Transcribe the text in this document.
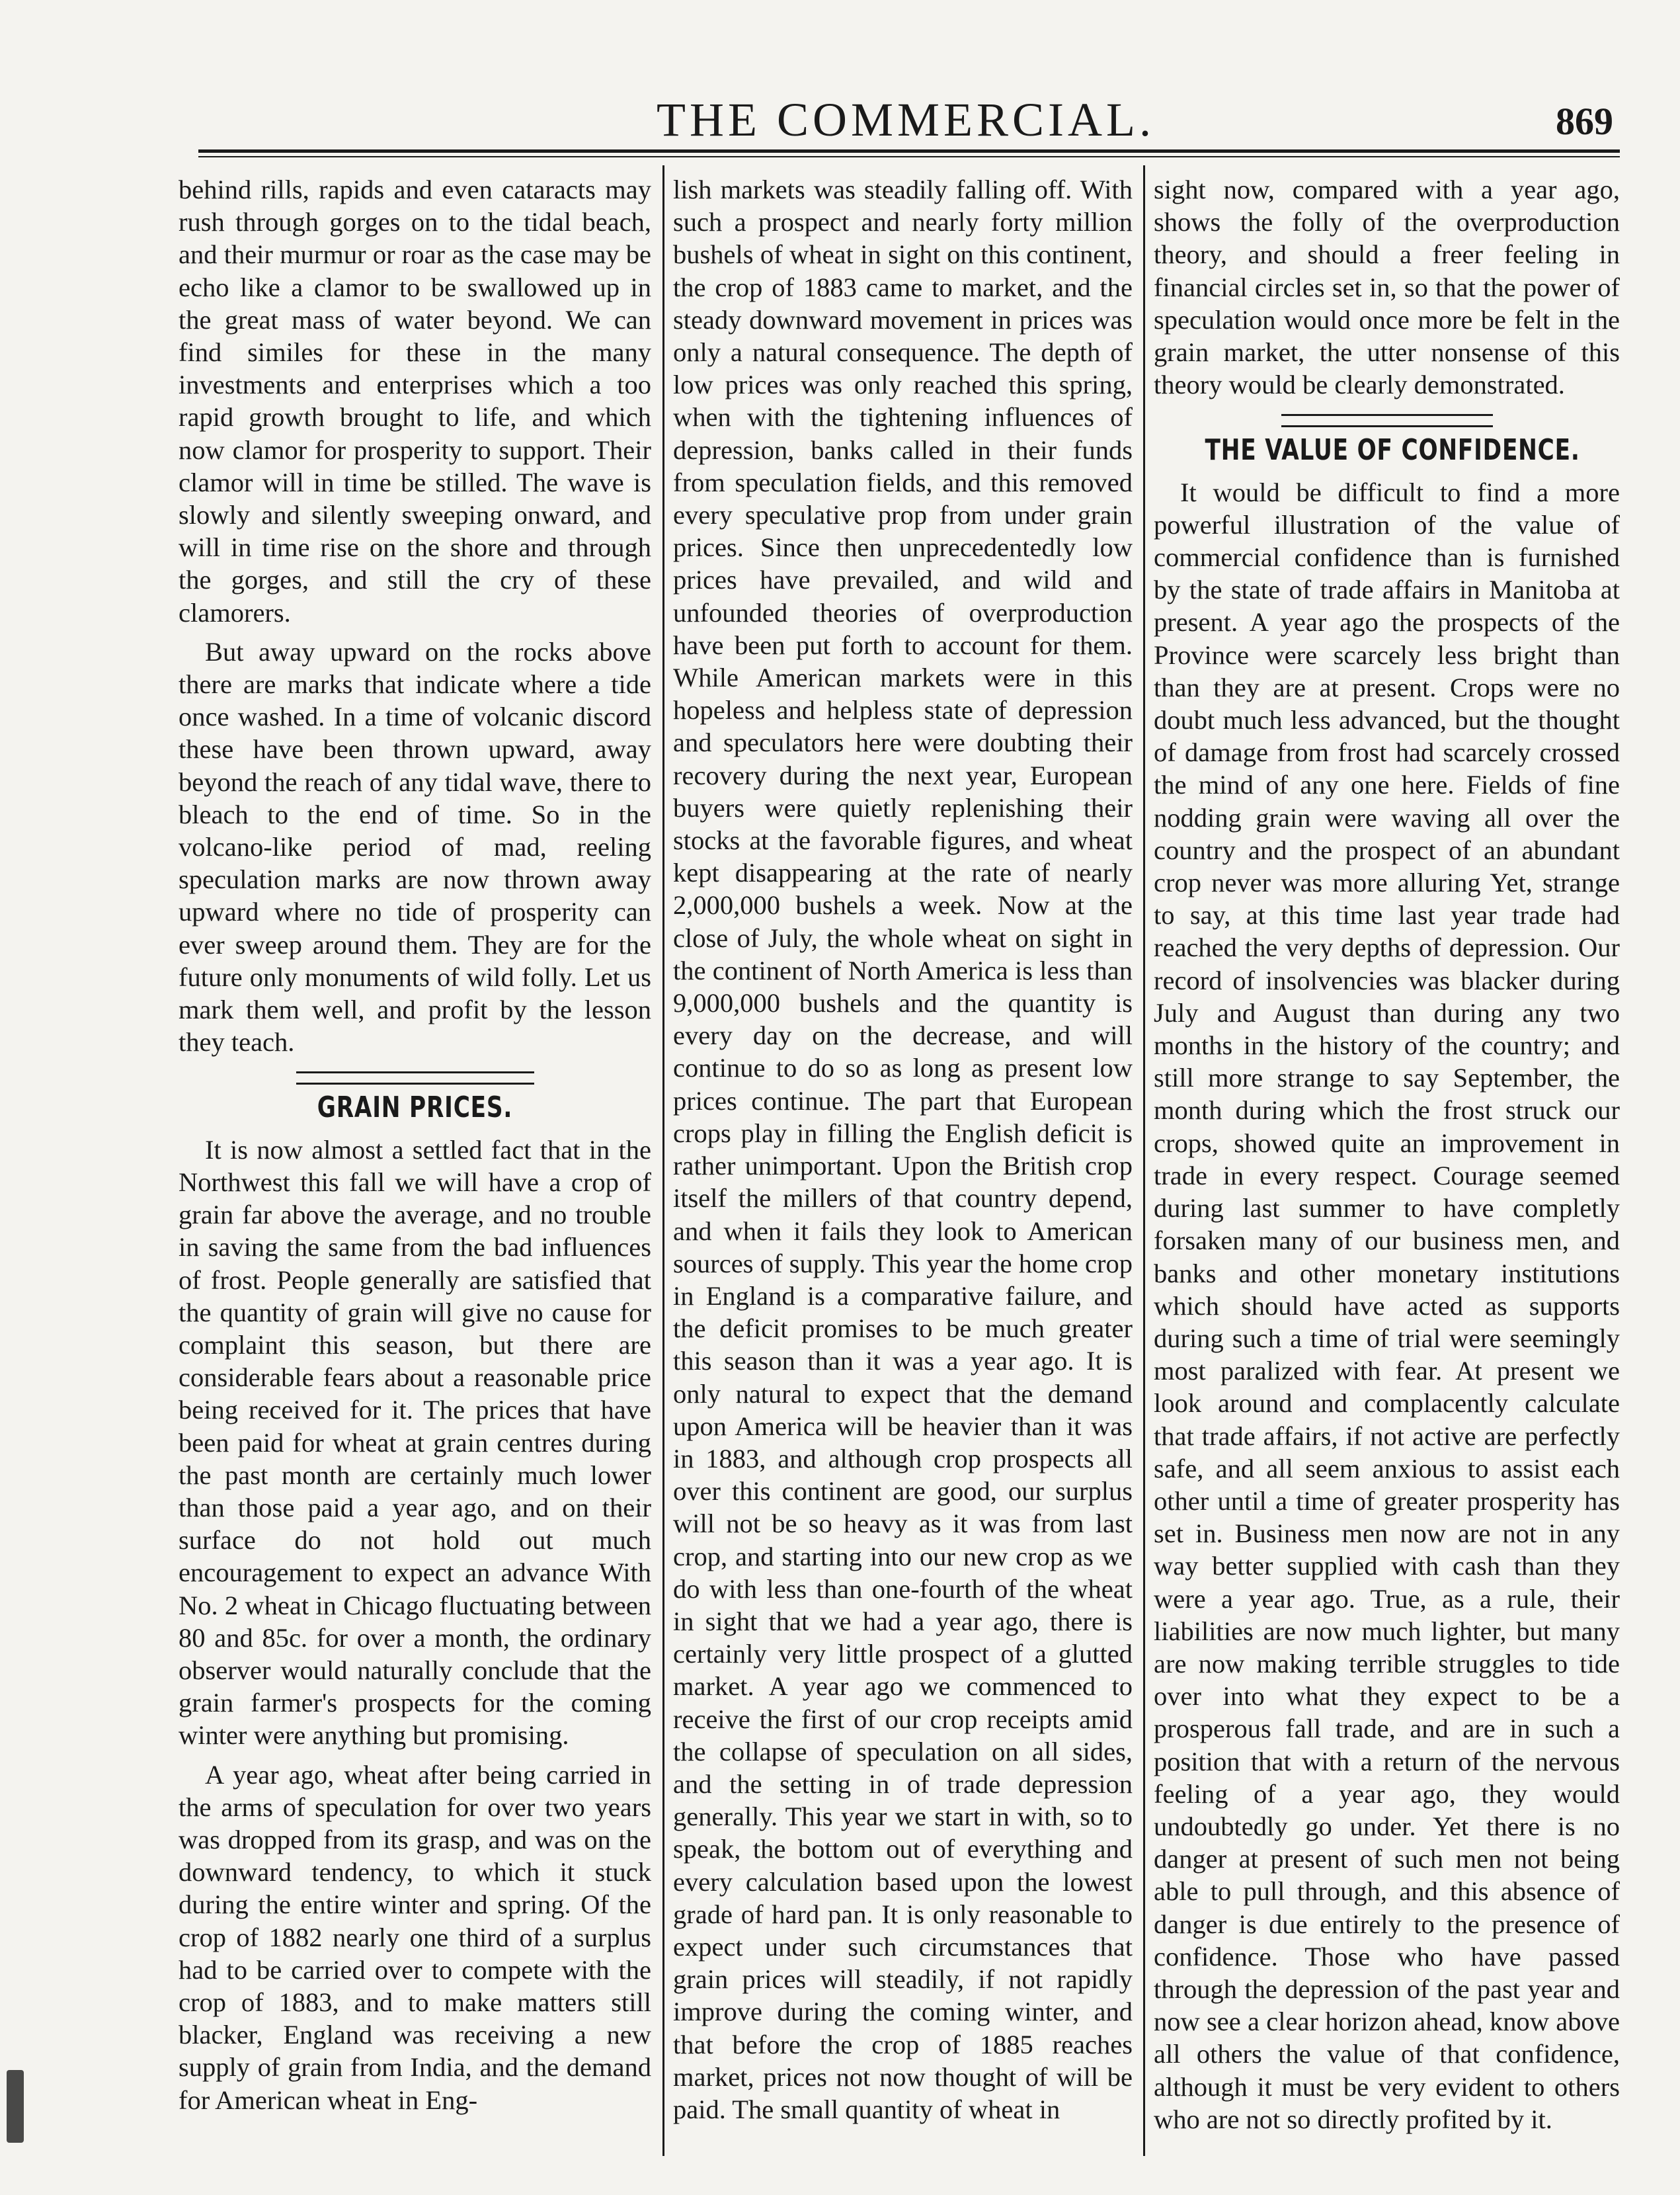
THE COMMERCIAL.	869

behind rills, rapids and even cataracts may rush through gorges on to the tidal beach, and their murmur or roar as the case may be echo like a clamor to be swallowed up in the great mass of water beyond. We can find similes for these in the many investments and enterprises which a too rapid growth brought to life, and which now clamor for prosperity to support. Their clamor will in time be stilled. The wave is slowly and silently sweeping onward, and will in time rise on the shore and through the gorges, and still the cry of these clamorers.

But away upward on the rocks above there are marks that indicate where a tide once washed. In a time of volcanic discord these have been thrown upward, away beyond the reach of any tidal wave, there to bleach to the end of time. So in the volcano-like period of mad, reeling speculation marks are now thrown away upward where no tide of prosperity can ever sweep around them. They are for the future only monuments of wild folly. Let us mark them well, and profit by the lesson they teach.

GRAIN PRICES.

It is now almost a settled fact that in the Northwest this fall we will have a crop of grain far above the average, and no trouble in saving the same from the bad influences of frost. People generally are satisfied that the quantity of grain will give no cause for complaint this season, but there are considerable fears about a reasonable price being received for it. The prices that have been paid for wheat at grain centres during the past month are certainly much lower than those paid a year ago, and on their surface do not hold out much encouragement to expect an advance With No. 2 wheat in Chicago fluctuating between 80 and 85c. for over a month, the ordinary observer would naturally conclude that the grain farmer's prospects for the coming winter were anything but promising.

A year ago, wheat after being carried in the arms of speculation for over two years was dropped from its grasp, and was on the downward tendency, to which it stuck during the entire winter and spring. Of the crop of 1882 nearly one third of a surplus had to be carried over to compete with the crop of 1883, and to make matters still blacker, England was receiving a new supply of grain from India, and the demand for American wheat in Eng-

lish markets was steadily falling off. With such a prospect and nearly forty million bushels of wheat in sight on this continent, the crop of 1883 came to market, and the steady downward movement in prices was only a natural consequence. The depth of low prices was only reached this spring, when with the tightening influences of depression, banks called in their funds from speculation fields, and this removed every speculative prop from under grain prices. Since then unprecedentedly low prices have prevailed, and wild and unfounded theories of overproduction have been put forth to account for them. While American markets were in this hopeless and helpless state of depression and speculators here were doubting their recovery during the next year, European buyers were quietly replenishing their stocks at the favorable figures, and wheat kept disappearing at the rate of nearly 2,000,000 bushels a week. Now at the close of July, the whole wheat on sight in the continent of North America is less than 9,000,000 bushels and the quantity is every day on the decrease, and will continue to do so as long as present low prices continue. The part that European crops play in filling the English deficit is rather unimportant. Upon the British crop itself the millers of that country depend, and when it fails they look to American sources of supply. This year the home crop in England is a comparative failure, and the deficit promises to be much greater this season than it was a year ago. It is only natural to expect that the demand upon America will be heavier than it was in 1883, and although crop prospects all over this continent are good, our surplus will not be so heavy as it was from last crop, and starting into our new crop as we do with less than one-fourth of the wheat in sight that we had a year ago, there is certainly very little prospect of a glutted market. A year ago we commenced to receive the first of our crop receipts amid the collapse of speculation on all sides, and the setting in of trade depression generally. This year we start in with, so to speak, the bottom out of everything and every calculation based upon the lowest grade of hard pan. It is only reasonable to expect under such circumstances that grain prices will steadily, if not rapidly improve during the coming winter, and that before the crop of 1885 reaches market, prices not now thought of will be paid. The small quantity of wheat in

sight now, compared with a year ago, shows the folly of the overproduction theory, and should a freer feeling in financial circles set in, so that the power of speculation would once more be felt in the grain market, the utter nonsense of this theory would be clearly demonstrated.

THE VALUE OF CONFIDENCE.

It would be difficult to find a more powerful illustration of the value of commercial confidence than is furnished by the state of trade affairs in Manitoba at present. A year ago the prospects of the Province were scarcely less bright than than they are at present. Crops were no doubt much less advanced, but the thought of damage from frost had scarcely crossed the mind of any one here. Fields of fine nodding grain were waving all over the country and the prospect of an abundant crop never was more alluring Yet, strange to say, at this time last year trade had reached the very depths of depression. Our record of insolvencies was blacker during July and August than during any two months in the history of the country; and still more strange to say September, the month during which the frost struck our crops, showed quite an improvement in trade in every respect. Courage seemed during last summer to have completly forsaken many of our business men, and banks and other monetary institutions which should have acted as supports during such a time of trial were seemingly most paralized with fear. At present we look around and complacently calculate that trade affairs, if not active are perfectly safe, and all seem anxious to assist each other until a time of greater prosperity has set in. Business men now are not in any way better supplied with cash than they were a year ago. True, as a rule, their liabilities are now much lighter, but many are now making terrible struggles to tide over into what they expect to be a prosperous fall trade, and are in such a position that with a return of the nervous feeling of a year ago, they would undoubtedly go under. Yet there is no danger at present of such men not being able to pull through, and this absence of danger is due entirely to the presence of confidence. Those who have passed through the depression of the past year and now see a clear horizon ahead, know above all others the value of that confidence, although it must be very evident to others who are not so directly profited by it.
